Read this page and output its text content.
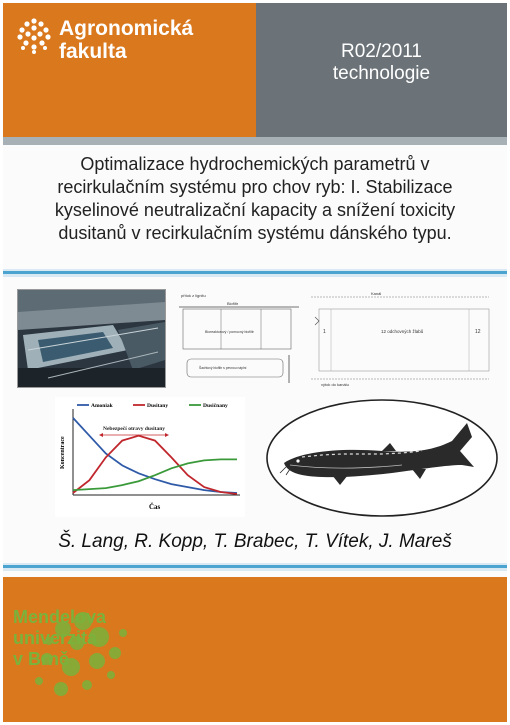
Agronomická fakulta	R02/2011
technologie
Optimalizace hydrochemických parametrů v recirkulačním systému pro chov ryb: I. Stabilizace kyselinové neutralizační kapacity a snížení toxicity dusitanů v recirkulačním systému dánského typu.
přítok z lignitu
Biofiltr
Bioreaktorový / pomocný biofiltr
Šachtový biofiltr s pevnou náplní
Kanál
1	12 odchovných žlabů	12
výtok do kanálu
Koncentrace
Čas
Amoniak	Dusitany	Dusičnany
Nebezpečí otravy dusitany
Š. Lang, R. Kopp, T. Brabec, T. Vítek, J. Mareš
Mendelova
univerzita
v Brně
